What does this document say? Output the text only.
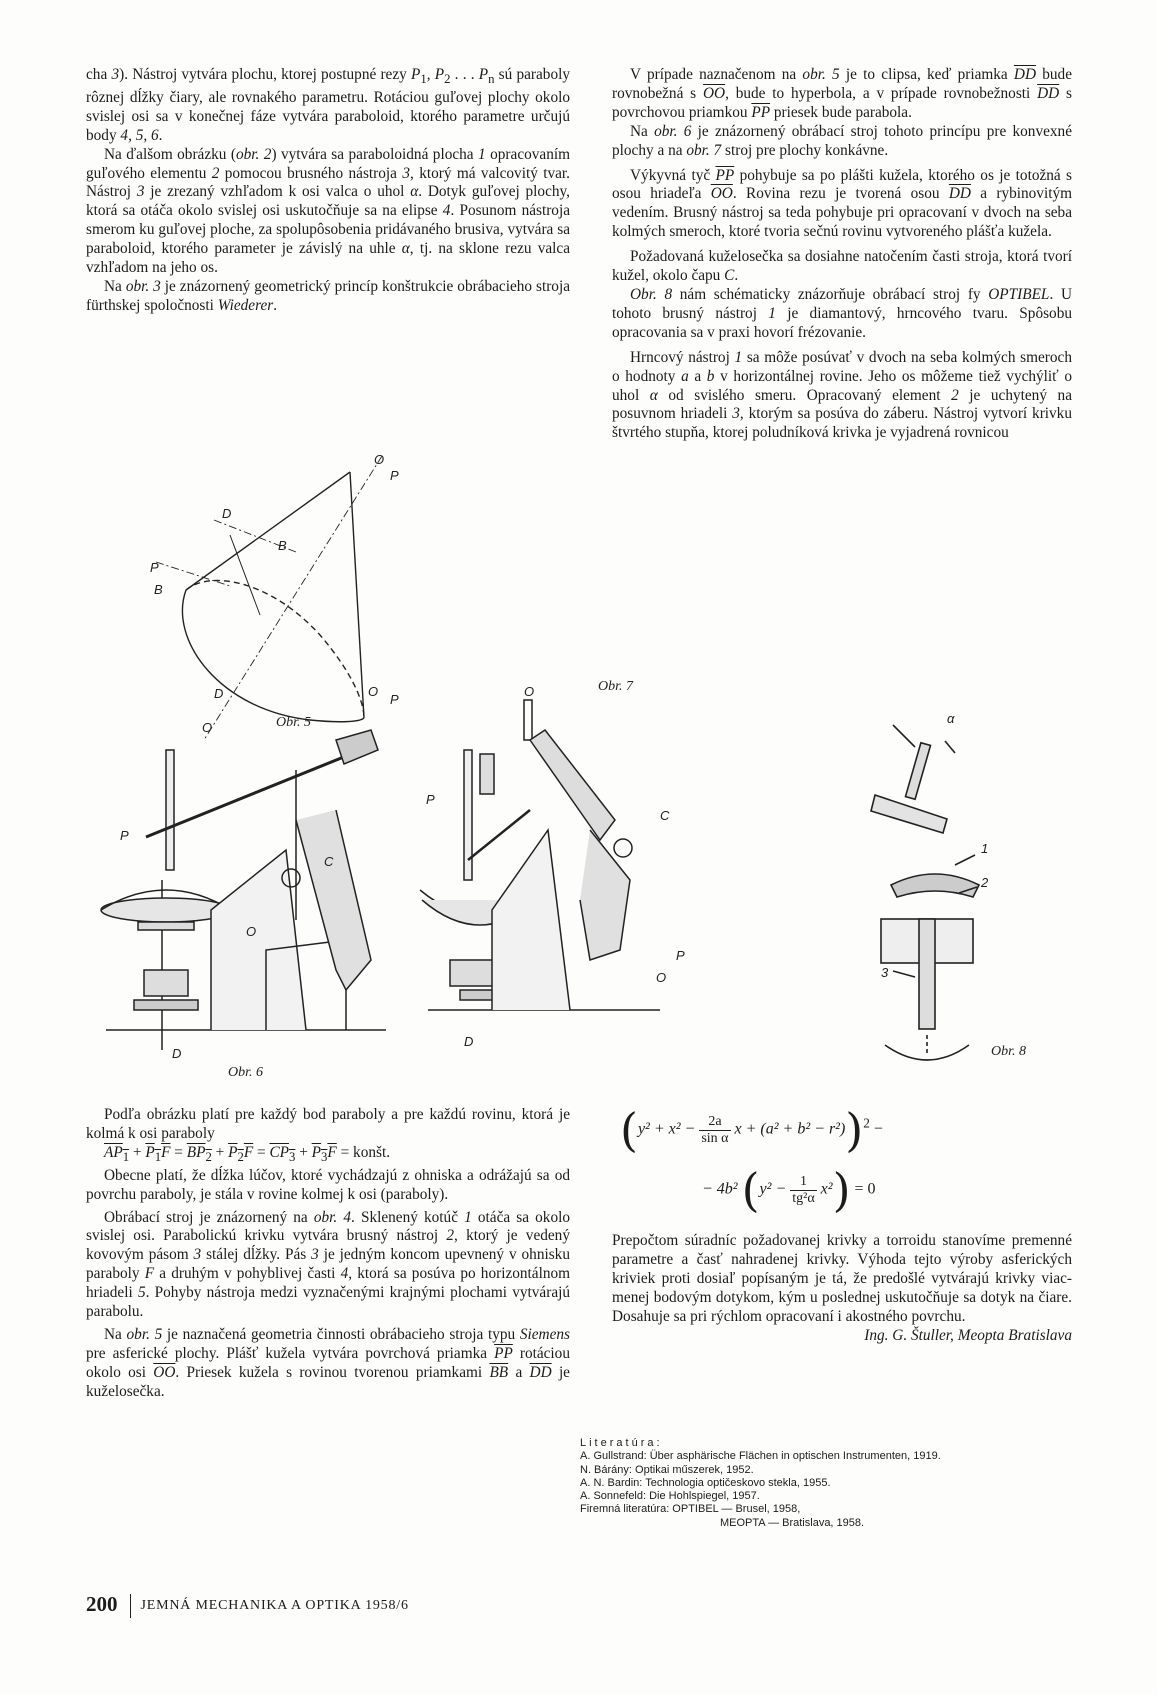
cha 3). Nástroj vytvára plochu, ktorej postupné rezy $P_1$, $P_2$ . . . $P_n$ sú paraboly rôznej dĺžky čiary, ale rovnakého parametru. Rotáciou guľovej plochy okolo svislej osi sa v konečnej fáze vytvára paraboloid, ktorého parametre určujú body 4, 5, 6.

Na ďalšom obrázku (obr. 2) vytvára sa paraboloidná plocha 1 opracovaním guľového elementu 2 pomocou brusného nástroja 3, ktorý má valcovitý tvar. Nástroj 3 je zrezaný vzhľadom k osi valca o uhol α. Dotyk guľovej plochy, ktorá sa otáča okolo svislej osi uskutočňuje sa na elipse 4. Posunom nástroja smerom ku guľovej ploche, za spolupôsobenia pridávaného brusiva, vytvára sa paraboloid, ktorého parameter je závislý na uhle α, tj. na sklone rezu valca vzhľadom na jeho os.

Na obr. 3 je znázornený geometrický princíp konštrukcie obrábacieho stroja fürthskej spoločnosti Wiederer.

V prípade naznačenom na obr. 5 je to clipsa, keď priamka $\overline{DD}$ bude rovnobežná s $\overline{OO}$, bude to hyperbola, a v prípade rovnobežnosti $\overline{DD}$ s povrchovou priamkou $\overline{PP}$ priesek bude parabola.

Na obr. 6 je znázornený obrábací stroj tohoto princípu pre konvexné plochy a na obr. 7 stroj pre plochy konkávne.

Výkyvná tyč $\overline{PP}$ pohybuje sa po plášti kužela, ktorého os je totožná s osou hriadeľa $\overline{OO}$. Rovina rezu je tvorená osou $\overline{DD}$ a rybinovitým vedením. Brusný nástroj sa teda pohybuje pri opracovaní v dvoch na seba kolmých smeroch, ktoré tvoria sečnú rovinu vytvoreného plášťa kužela.

Požadovaná kuželosečka sa dosiahne natočením časti stroja, ktorá tvorí kužel, okolo čapu C.

Obr. 8 nám schématicky znázorňuje obrábací stroj fy OPTIBEL. U tohoto brusný nástroj 1 je diamantový, hrncového tvaru. Spôsobu opracovania sa v praxi hovorí frézovanie.

Hrncový nástroj 1 sa môže posúvať v dvoch na seba kolmých smeroch o hodnoty a a b v horizontálnej rovine. Jeho os môžeme tiež vychýliť o uhol α od svislého smeru. Opracovaný element 2 je uchytený na posuvnom hriadeli 3, ktorým sa posúva do záberu. Nástroj vytvorí krivku štvrtého stupňa, ktorej poludníková krivka je vyjadrená rovnicou

O
P
D
B
P
B
D
O	Obr. 5
O
P
P
C
O
D
Obr. 6
O	Obr. 7
P
C
P
O
D
α
1
2
3
Obr. 8

Podľa obrázku platí pre každý bod paraboly a pre každú rovinu, ktorá je kolmá k osi paraboly

$\overline{AP}_1 + \overline{P}_1\overline{F} = \overline{BP}_2 + \overline{P}_2\overline{F} = \overline{CP}_3 + \overline{P}_3\overline{F}$ = konšt.

Obecne platí, že dĺžka lúčov, ktoré vychádzajú z ohniska a odrážajú sa od povrchu paraboly, je stála v rovine kolmej k osi (paraboly).

Obrábací stroj je znázornený na obr. 4. Sklenený kotúč 1 otáča sa okolo svislej osi. Parabolickú krivku vytvára brusný nástroj 2, ktorý je vedený kovovým pásom 3 stálej dĺžky. Pás 3 je jedným koncom upevnený v ohnisku paraboly F a druhým v pohyblivej časti 4, ktorá sa posúva po horizontálnom hriadeli 5. Pohyby nástroja medzi vyznačenými krajnými plochami vytvárajú parabolu.

Na obr. 5 je naznačená geometria činnosti obrábacieho stroja typu Siemens pre asferické plochy. Plášť kužela vytvára povrchová priamka $\overline{PP}$ rotáciou okolo osi $\overline{OO}$. Priesek kužela s rovinou tvorenou priamkami $\overline{BB}$ a $\overline{DD}$ je kuželosečka.

($y^2 + x^2 - \frac{2a}{\text{sin α}}$ $x + (a^2 + b^2 - r^2))^2$ −
− 4b² $(y^2 - \frac{1}{\text{tg²α}} x^2) = 0$

Prepočtom súradníc požadovanej krivky a torroidu stanovíme premenné parametre a časť nahradenej krivky. Výhoda tejto výroby asferických kriviek proti dosiaľ popísaným je tá, že predošlé vytvárajú krivky viac-menej bodovým dotykom, kým u poslednej uskutočňuje sa dotyk na čiare. Dosahuje sa pri rýchlom opracovaní i akostného povrchu.

Ing. G. Štuller, Meopta Bratislava

Literatúra:
A. Gullstrand: Über asphärische Flächen in optischen Instrumenten, 1919.
N. Bárány: Optikai műszerek, 1952.
A. N. Bardin: Technologia optičeskovo stekla, 1955.
A. Sonnefeld: Die Hohlspiegel, 1957.
Firemná literatúra: OPTIBEL — Brusel, 1958,
MEOPTA — Bratislava, 1958.
200 JEMNÁ MECHANIKA A OPTIKA 1958/6
